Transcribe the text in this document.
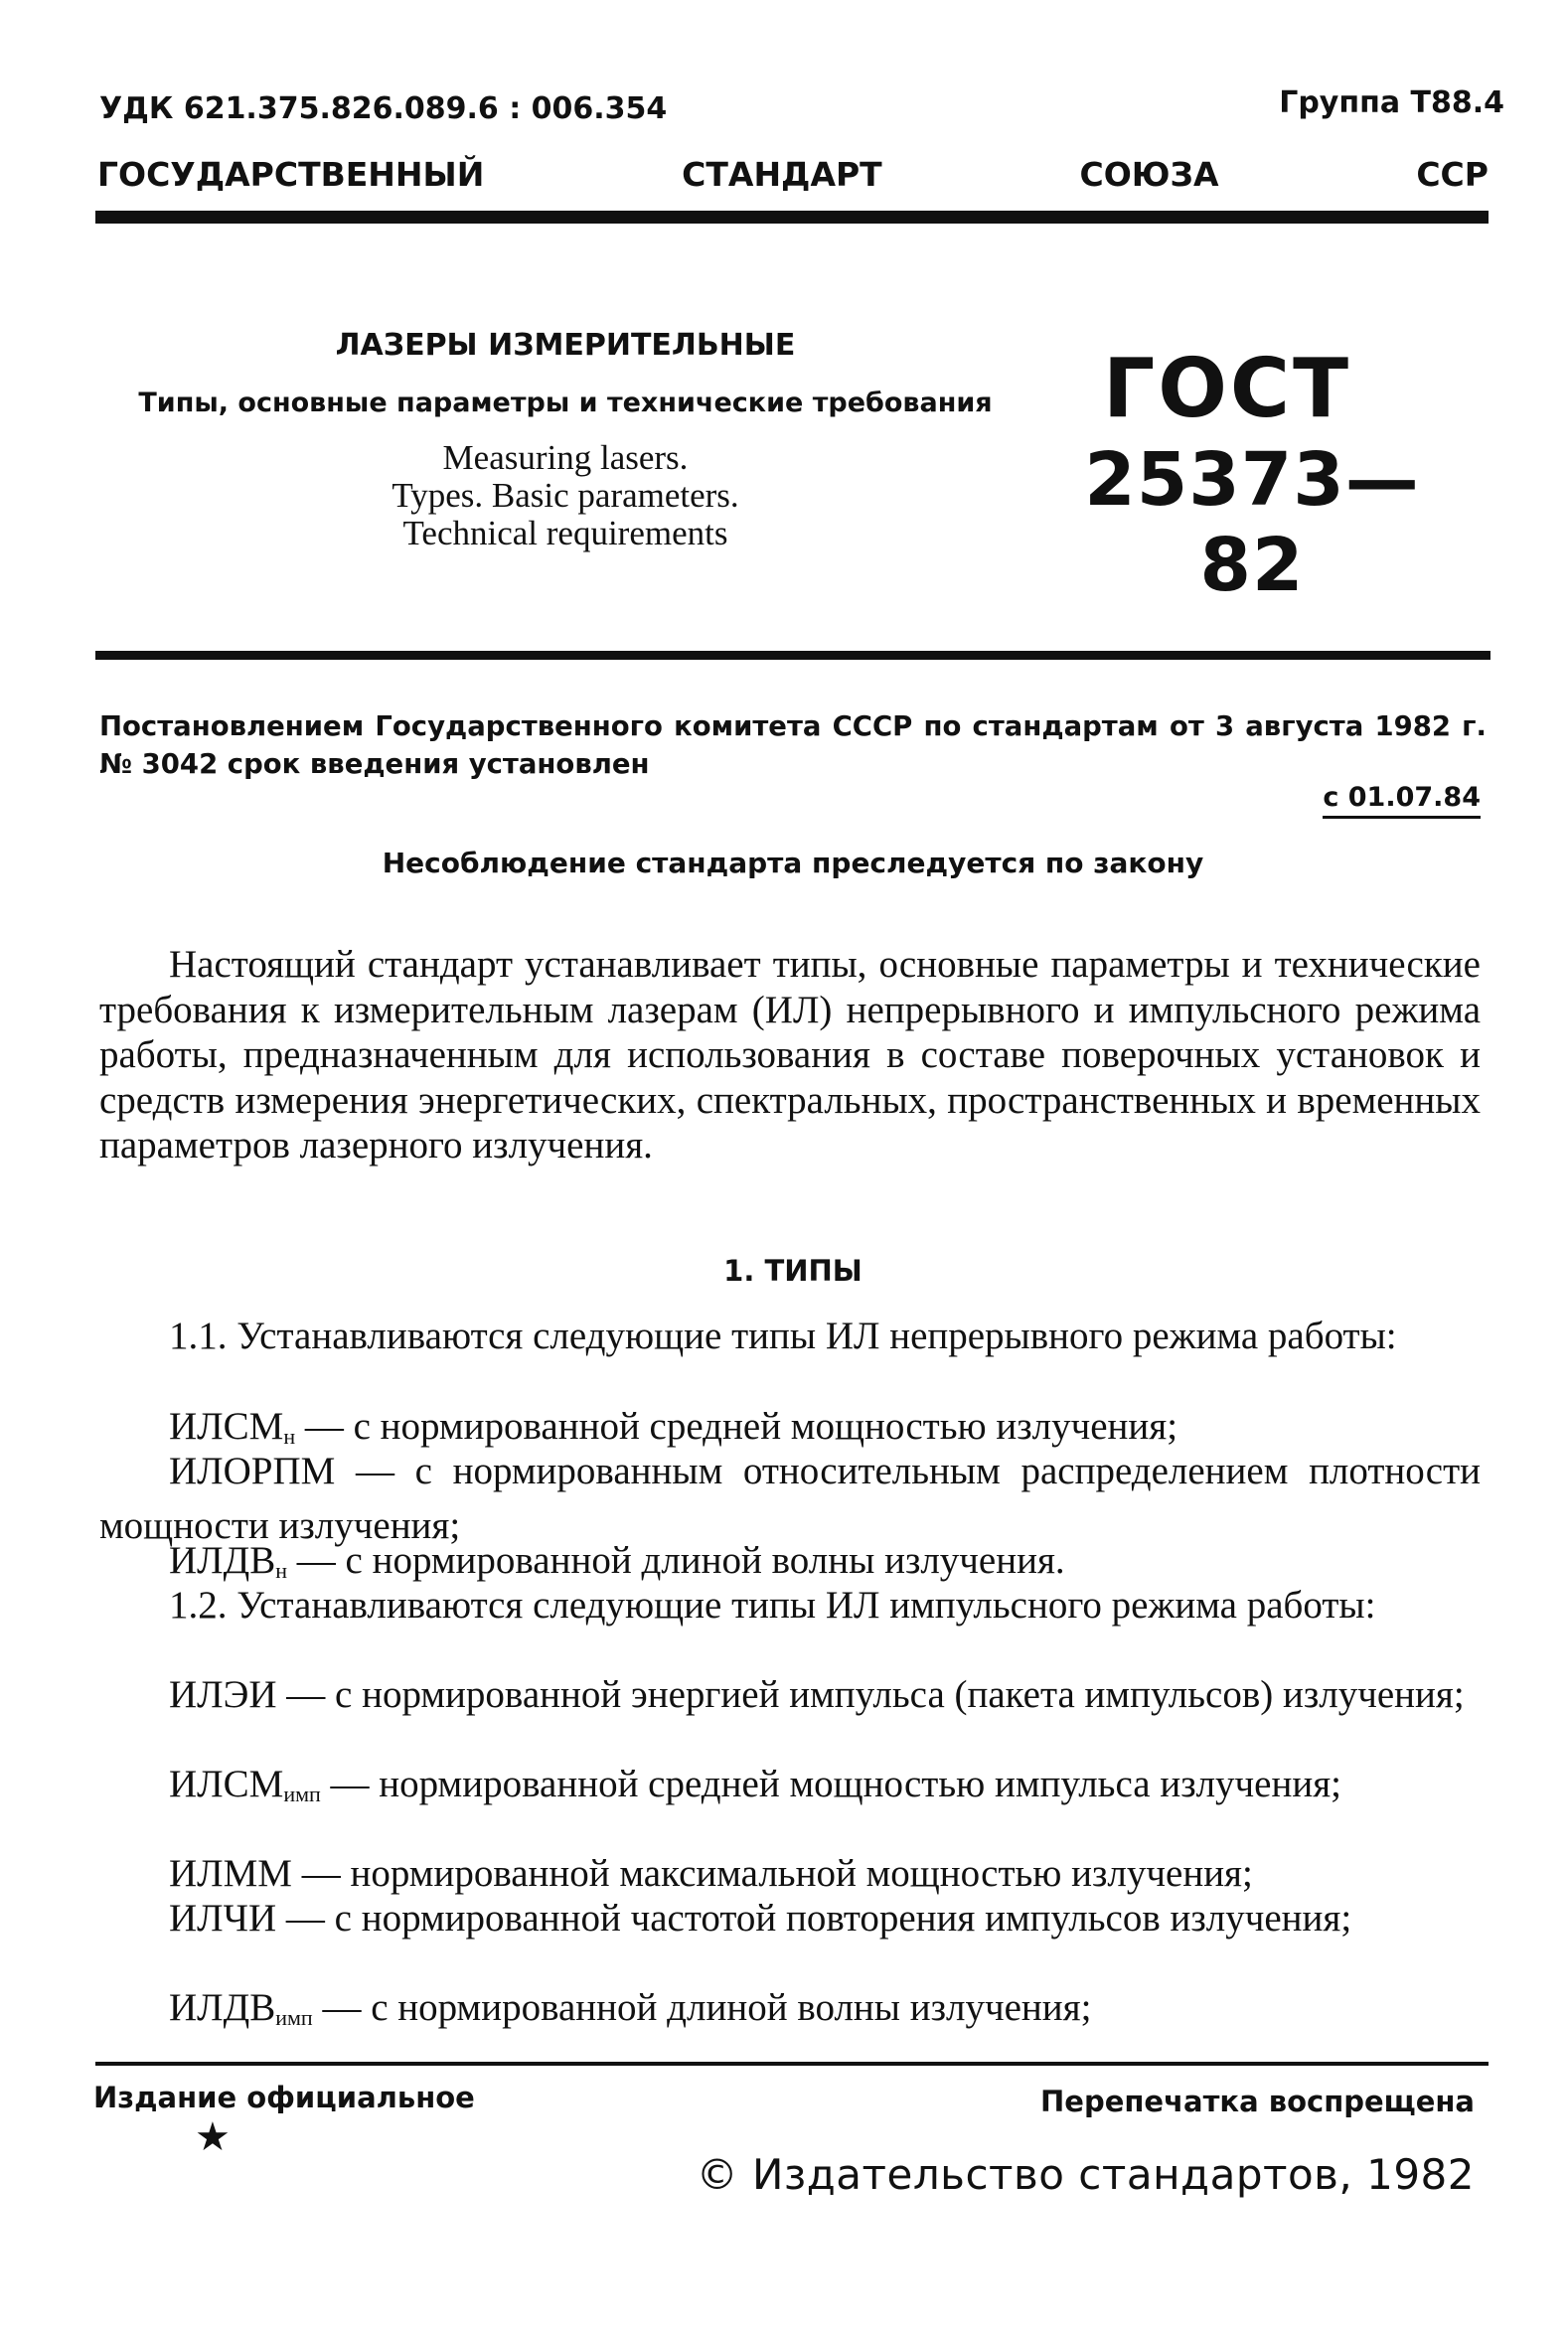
УДК 621.375.826.089.6 : 006.354	Группа Т88.4
ГОСУДАРСТВЕННЫЙ	СТАНДАРТ	СОЮЗА	ССР
ЛАЗЕРЫ ИЗМЕРИТЕЛЬНЫЕ
Типы, основные параметры и технические требования
Measuring lasers.
Types. Basic parameters.
Technical requirements
ГОСТ
25373—82
Постановлением Государственного комитета СССР по стандартам от 3 августа 1982 г. № 3042 срок введения установлен
с 01.07.84
Несоблюдение стандарта преследуется по закону
Настоящий стандарт устанавливает типы, основные параметры и технические требования к измерительным лазерам (ИЛ) непрерывного и импульсного режима работы, предназначенным для использования в составе поверочных установок и средств измерения энергетических, спектральных, пространственных и временных параметров лазерного излучения.
1. ТИПЫ
1.1. Устанавливаются следующие типы ИЛ непрерывного режима работы:
$ИЛСМ_н$ — с нормированной средней мощностью излучения;
ИЛОРПМ — с нормированным относительным распределением плотности мощности излучения;
$ИЛДВ_н$ — с нормированной длиной волны излучения.
1.2. Устанавливаются следующие типы ИЛ импульсного режима работы:
ИЛЭИ — с нормированной энергией импульса (пакета импульсов) излучения;
$ИЛСМ_{имп}$ — нормированной средней мощностью импульса излучения;
ИЛММ — нормированной максимальной мощностью излучения;
ИЛЧИ — с нормированной частотой повторения импульсов излучения;
$ИЛДВ_{имп}$ — с нормированной длиной волны излучения;
Издание официальное
★
Перепечатка воспрещена
© Издательство стандартов, 1982
